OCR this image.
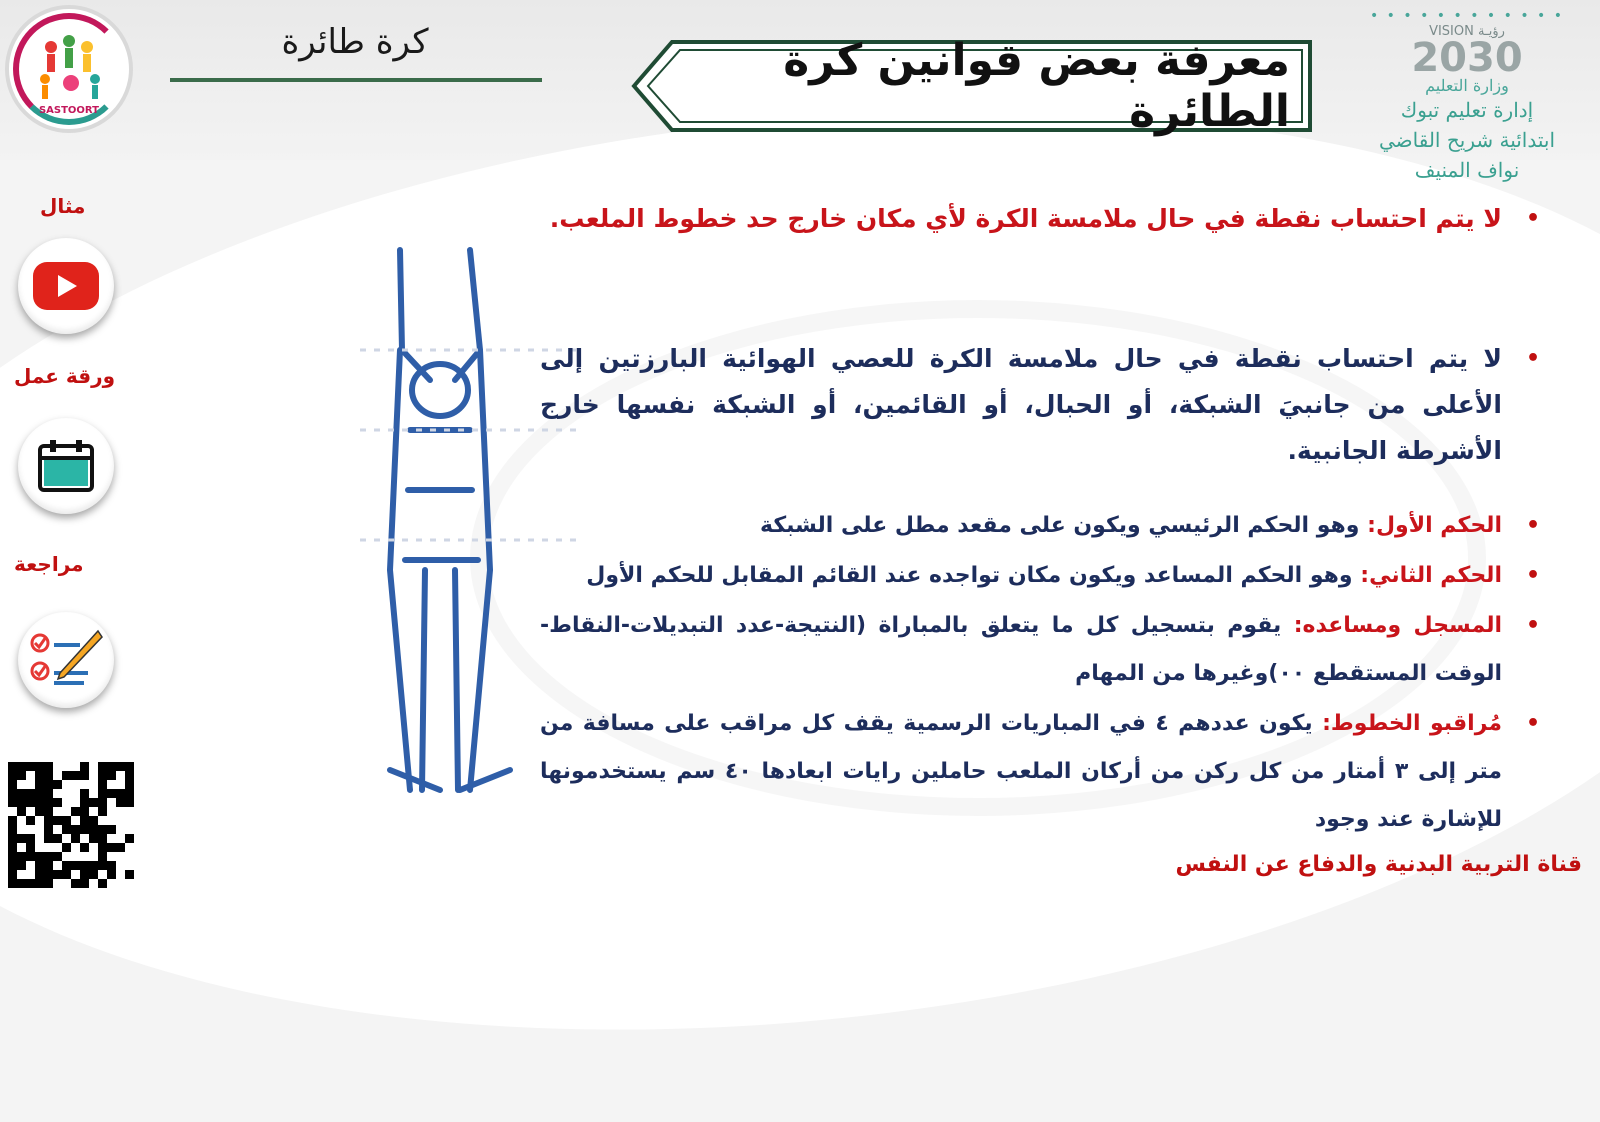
SASTOORT
مثال
ورقة عمل
مراجعة
كرة طائرة	معرفة بعض قوانين كرة الطائرة
• • • • • • • • • • • •
VISION رؤيـة
2030
وزارة التعليم
إدارة تعليم تبوك
ابتدائية شريح القاضي
نواف المنيف
•
لا يتم احتساب نقطة في حال ملامسة الكرة لأي مكان خارج حد خطوط الملعب.
•
لا يتم احتساب نقطة في حال ملامسة الكرة للعصي الهوائية البارزتين إلى الأعلى من جانبيَ الشبكة، أو الحبال، أو القائمين، أو الشبكة نفسها خارج الأشرطة الجانبية.
•
الحكم الأول: وهو الحكم الرئيسي ويكون على مقعد مطل على الشبكة
•
الحكم الثاني: وهو الحكم المساعد ويكون مكان تواجده عند القائم المقابل للحكم الأول
•
المسجل ومساعده: يقوم بتسجيل كل ما يتعلق بالمباراة (النتيجة-عدد التبديلات-النقاط-الوقت المستقطع ٠٠)وغيرها من المهام
•
مُراقبو الخطوط: يكون عددهم ٤ في المباريات الرسمية يقف كل مراقب على مسافة من متر إلى ٣ أمتار من كل ركن من أركان الملعب حاملين رايات ابعادها ٤٠ سم يستخدمونها للإشارة عند وجود
قناة التربية البدنية والدفاع عن النفس
